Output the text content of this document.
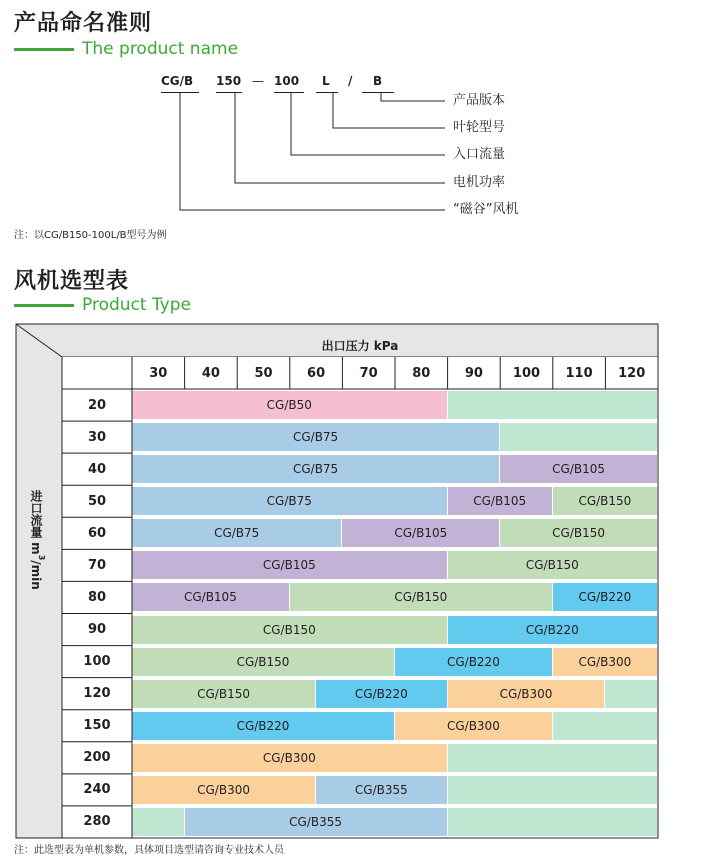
产品命名准则
The product name
CG/B 150 — 100 L / B
产品版本
叶轮型号
入口流量
电机功率
“磁谷”风机
注：以CG/B150-100L/B型号为例
风机选型表
Product Type
出口压力 kPa
进口流量 $m^3/\min$
30	40	50	60	70	80	90	100	110	120
20	CG/B50
30	CG/B75
40	CG/B75	CG/B105
50	CG/B75	CG/B105	CG/B150
60	CG/B75	CG/B105	CG/B150
70	CG/B105	CG/B150
80	CG/B105	CG/B150	CG/B220
90	CG/B150	CG/B220
100	CG/B150	CG/B220	CG/B300
120	CG/B150	CG/B220	CG/B300
150	CG/B220	CG/B300
200	CG/B300
240	CG/B300	CG/B355
280	CG/B355
注：此选型表为单机参数，具体项目选型请咨询专业技术人员
